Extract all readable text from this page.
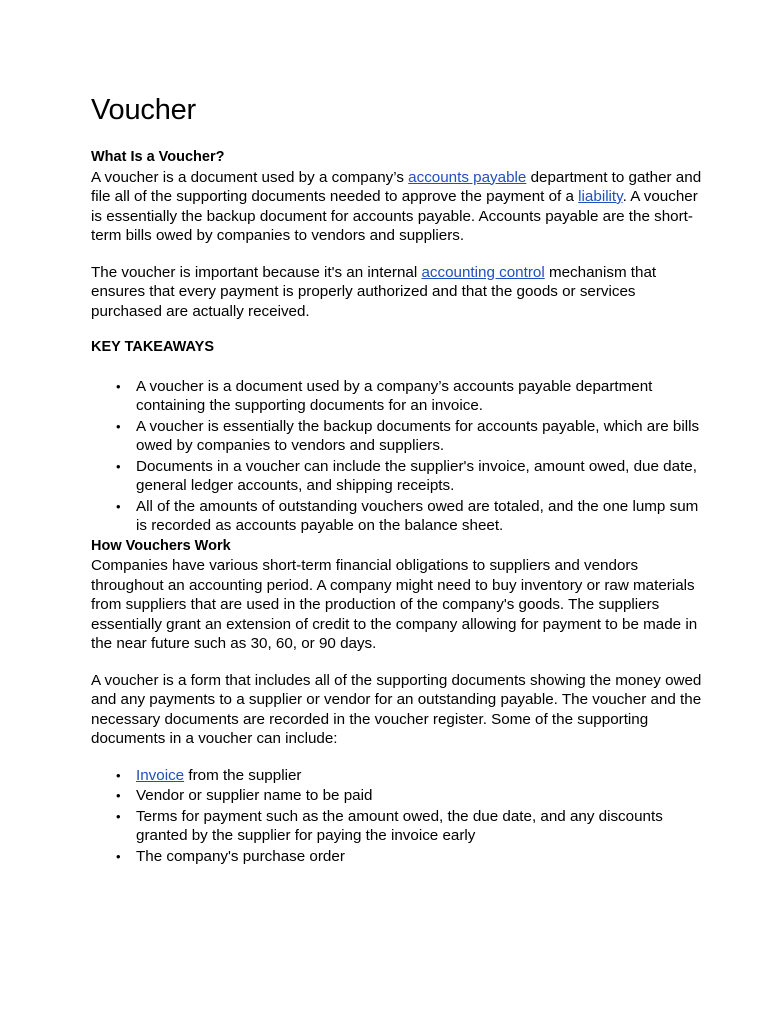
Voucher
What Is a Voucher?

A voucher is a document used by a company’s accounts payable department to gather and file all of the supporting documents needed to approve the payment of a liability. A voucher is essentially the backup document for accounts payable. Accounts payable are the short-term bills owed by companies to vendors and suppliers.

The voucher is important because it's an internal accounting control mechanism that ensures that every payment is properly authorized and that the goods or services purchased are actually received.

KEY TAKEAWAYS
• A voucher is a document used by a company’s accounts payable department containing the supporting documents for an invoice.
• A voucher is essentially the backup documents for accounts payable, which are bills owed by companies to vendors and suppliers.
• Documents in a voucher can include the supplier's invoice, amount owed, due date, general ledger accounts, and shipping receipts.
• All of the amounts of outstanding vouchers owed are totaled, and the one lump sum is recorded as accounts payable on the balance sheet.
How Vouchers Work

Companies have various short-term financial obligations to suppliers and vendors throughout an accounting period. A company might need to buy inventory or raw materials from suppliers that are used in the production of the company's goods. The suppliers essentially grant an extension of credit to the company allowing for payment to be made in the near future such as 30, 60, or 90 days.

A voucher is a form that includes all of the supporting documents showing the money owed and any payments to a supplier or vendor for an outstanding payable. The voucher and the necessary documents are recorded in the voucher register. Some of the supporting documents in a voucher can include:

• Invoice from the supplier
• Vendor or supplier name to be paid
• Terms for payment such as the amount owed, the due date, and any discounts granted by the supplier for paying the invoice early
• The company's purchase order
